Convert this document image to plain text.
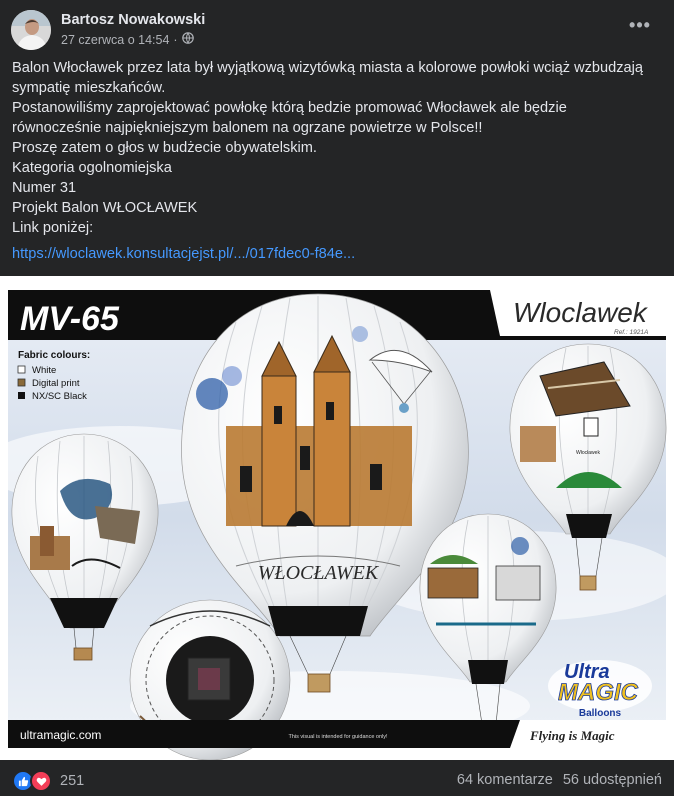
Bartosz Nowakowski
27 czerwca o 14:54 ·
•••
Balon Włocławek przez lata był wyjątkową wizytówką miasta a kolorowe powłoki wciąż wzbudzają
sympatię mieszkańców.
Postanowiliśmy zaprojektować powłokę którą bedzie promować Włocławek ale będzie
równocześnie najpiękniejszym balonem na ogrzane powietrze w Polsce!!
Proszę zatem o głos w budżecie obywatelskim.
Kategoria ogolnomiejska
Numer 31
Projekt Balon WŁOCŁAWEK
Link poniżej:
https://wloclawek.konsultacjejst.pl/.../017fdec0-f84e...
MV-65	Wloclawek
Ref.: 1921A
Fabric colours:
White
Digital print
NX/SC Black
WŁOCŁAWEK
Włocławek
Ultra
MAGIC
Balloons
ultramagic.com	This visual is intended for guidance only!	Flying is Magic
251	64 komentarze 56 udostępnień
